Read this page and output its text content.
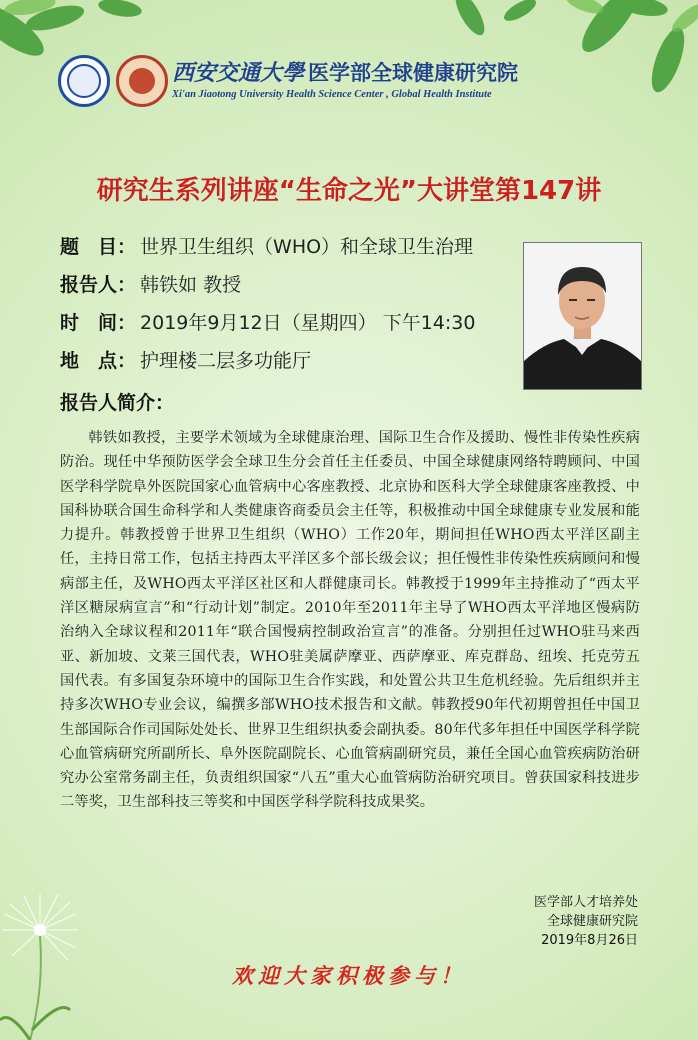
西安交通大學 医学部 全球健康研究院
Xi'an Jiaotong University Health Science Center , Global Health Institute
研究生系列讲座“生命之光”大讲堂第147讲
题　目 ： 世界卫生组织（WHO）和全球卫生治理
报告人 ： 韩铁如 教授
时　间 ： 2019年9月12日（星期四） 下午14:30
地　点 ： 护理楼二层多功能厅
报告人简介：
韩铁如教授，主要学术领域为全球健康治理、国际卫生合作及援助、慢性非传染性疾病防治。现任中华预防医学会全球卫生分会首任主任委员、中国全球健康网络特聘顾问、中国医学科学院阜外医院国家心血管病中心客座教授、北京协和医科大学全球健康客座教授、中国科协联合国生命科学和人类健康咨商委员会主任等，积极推动中国全球健康专业发展和能力提升。韩教授曾于世界卫生组织（WHO）工作20年，期间担任WHO西太平洋区副主任，主持日常工作，包括主持西太平洋区多个部长级会议；担任慢性非传染性疾病顾问和慢病部主任，及WHO西太平洋区社区和人群健康司长。韩教授于1999年主持推动了“西太平洋区糖尿病宣言”和“行动计划”制定。2010年至2011年主导了WHO西太平洋地区慢病防治纳入全球议程和2011年“联合国慢病控制政治宣言”的准备。分别担任过WHO驻马来西亚、新加坡、文莱三国代表，WHO驻美属萨摩亚、西萨摩亚、库克群岛、纽埃、托克劳五国代表。有多国复杂环境中的国际卫生合作实践，和处置公共卫生危机经验。先后组织并主持多次WHO专业会议，编撰多部WHO技术报告和文献。韩教授90年代初期曾担任中国卫生部国际合作司国际处处长、世界卫生组织执委会副执委。80年代多年担任中国医学科学院心血管病研究所副所长、阜外医院副院长、心血管病副研究员，兼任全国心血管疾病防治研究办公室常务副主任，负责组织国家“八五”重大心血管病防治研究项目。曾获国家科技进步二等奖，卫生部科技三等奖和中国医学科学院科技成果奖。
医学部人才培养处
全球健康研究院
2019年8月26日
欢迎大家积极参与！
